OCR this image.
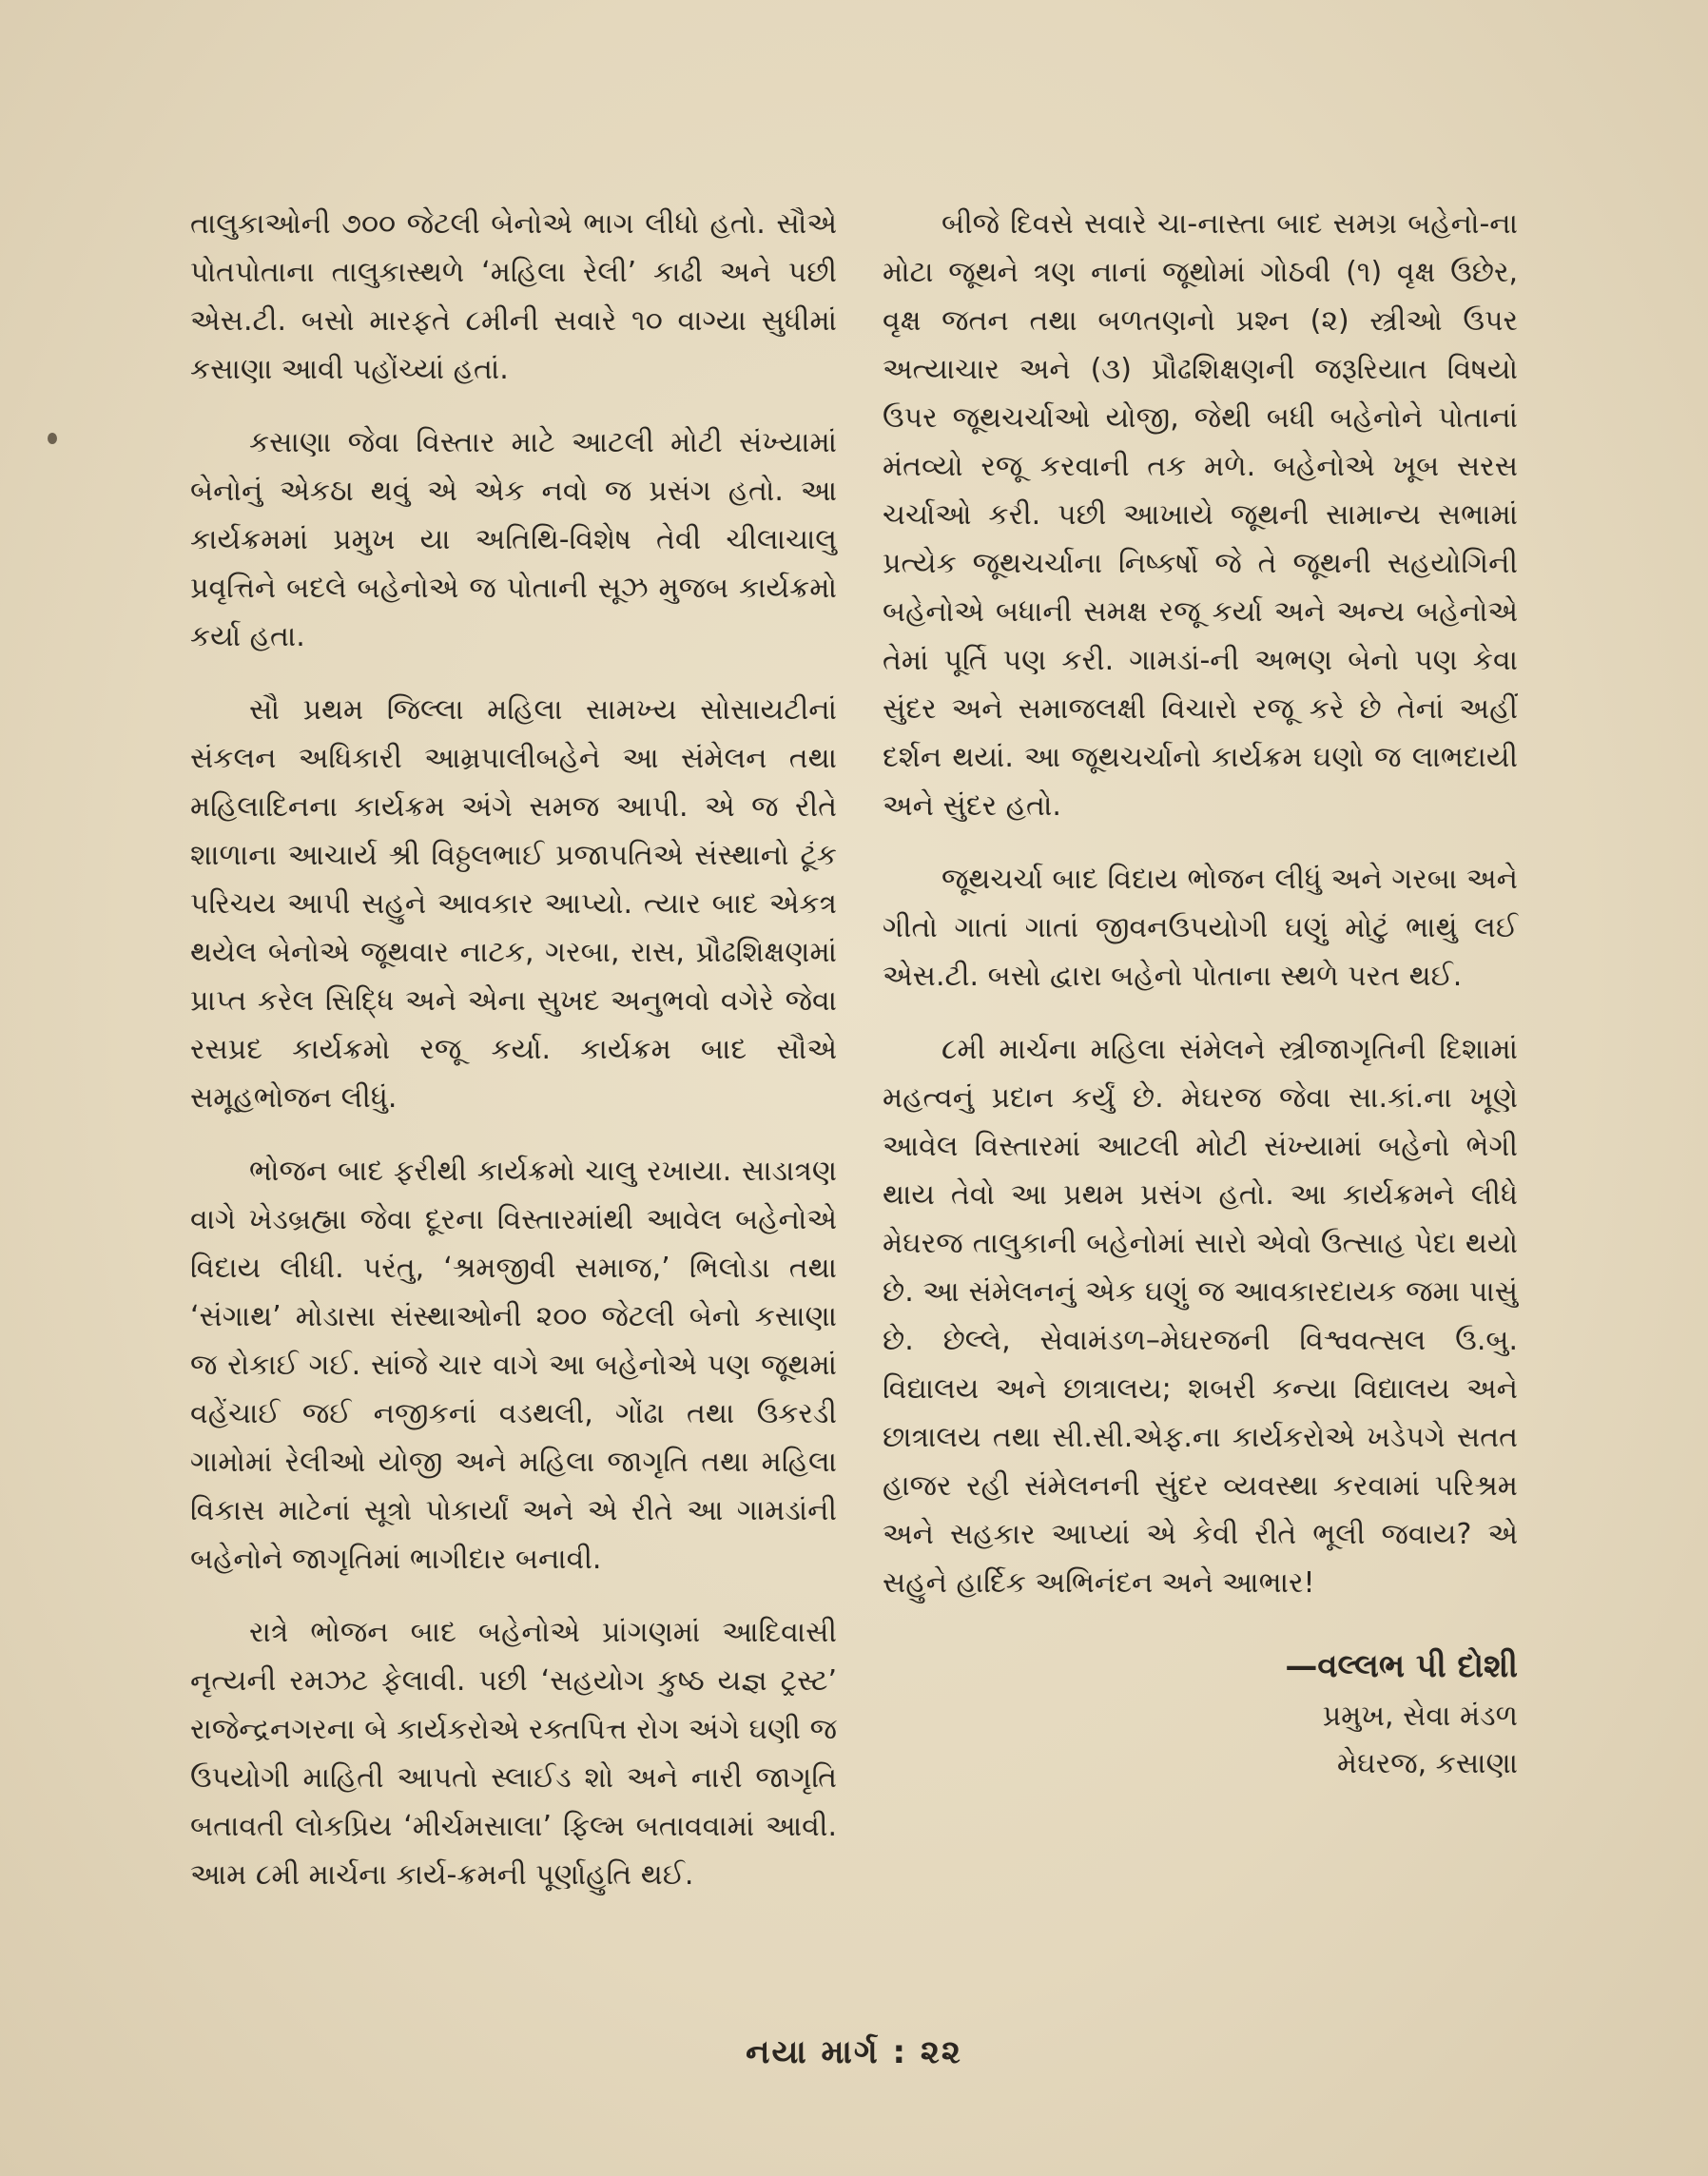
તાલુકાઓની ૭૦૦ જેટલી બેનોએ ભાગ લીધો હતો. સૌએ પોતપોતાના તાલુકાસ્થળે ‘મહિલા રેલી’ કાઢી અને પછી એસ.ટી. બસો મારફતે ૮મીની સવારે ૧૦ વાગ્યા સુધીમાં કસાણા આવી પહોંચ્યાં હતાં.

કસાણા જેવા વિસ્તાર માટે આટલી મોટી સંખ્યામાં બેનોનું એકઠા થવું એ એક નવો જ પ્રસંગ હતો. આ કાર્યક્રમમાં પ્રમુખ યા અતિથિ-વિશેષ તેવી ચીલાચાલુ પ્રવૃત્તિને બદલે બહેનોએ જ પોતાની સૂઝ મુજબ કાર્યક્રમો કર્યા હતા.

સૌ પ્રથમ જિલ્લા મહિલા સામખ્ય સોસાયટીનાં સંકલન અધિકારી આમ્રપાલીબહેને આ સંમેલન તથા મહિલાદિનના કાર્યક્રમ અંગે સમજ આપી. એ જ રીતે શાળાના આચાર્ય શ્રી વિઠ્ઠલભાઈ પ્રજાપતિએ સંસ્થાનો ટૂંક પરિચય આપી સહુને આવકાર આપ્યો. ત્યાર બાદ એકત્ર થયેલ બેનોએ જૂથવાર નાટક, ગરબા, રાસ, પ્રૌઢશિક્ષણમાં પ્રાપ્ત કરેલ સિદ્ધિ અને એના સુખદ અનુભવો વગેરે જેવા રસપ્રદ કાર્યક્રમો રજૂ કર્યા. કાર્યક્રમ બાદ સૌએ સમૂહભોજન લીધું.

ભોજન બાદ ફરીથી કાર્યક્રમો ચાલુ રખાયા. સાડાત્રણ વાગે ખેડબ્રહ્મા જેવા દૂરના વિસ્તારમાંથી આવેલ બહેનોએ વિદાય લીધી. પરંતુ, ‘શ્રમજીવી સમાજ,’ ભિલોડા તથા ‘સંગાથ’ મોડાસા સંસ્થાઓની ૨૦૦ જેટલી બેનો કસાણા જ રોકાઈ ગઈ. સાંજે ચાર વાગે આ બહેનોએ પણ જૂથમાં વહેંચાઈ જઈ નજીકનાં વડથલી, ગોંઢા તથા ઉકરડી ગામોમાં રેલીઓ યોજી અને મહિલા જાગૃતિ તથા મહિલા વિકાસ માટેનાં સૂત્રો પોકાર્યાં અને એ રીતે આ ગામડાંની બહેનોને જાગૃતિમાં ભાગીદાર બનાવી.

રાત્રે ભોજન બાદ બહેનોએ પ્રાંગણમાં આદિવાસી નૃત્યની રમઝટ ફેલાવી. પછી ‘સહયોગ કુષ્ઠ યજ્ઞ ટ્રસ્ટ’ રાજેન્દ્રનગરના બે કાર્યકરોએ રક્તપિત્ત રોગ અંગે ઘણી જ ઉપયોગી માહિતી આપતો સ્લાઈડ શો અને નારી જાગૃતિ બતાવતી લોકપ્રિય ‘મીર્ચમસાલા’ ફિલ્મ બતાવવામાં આવી. આમ ૮મી માર્ચના કાર્ય-ક્રમની પૂર્ણાહુતિ થઈ.

બીજે દિવસે સવારે ચા-નાસ્તા બાદ સમગ્ર બહેનો-ના મોટા જૂથને ત્રણ નાનાં જૂથોમાં ગોઠવી (૧) વૃક્ષ ઉછેર, વૃક્ષ જતન તથા બળતણનો પ્રશ્ન (૨) સ્ત્રીઓ ઉપર અત્યાચાર અને (૩) પ્રૌઢશિક્ષણની જરૂરિયાત વિષયો ઉપર જૂથચર્ચાઓ યોજી, જેથી બધી બહેનોને પોતાનાં મંતવ્યો રજૂ કરવાની તક મળે. બહેનોએ ખૂબ સરસ ચર્ચાઓ કરી. પછી આખાયે જૂથની સામાન્ય સભામાં પ્રત્યેક જૂથચર્ચાના નિષ્કર્ષો જે તે જૂથની સહયોગિની બહેનોએ બધાની સમક્ષ રજૂ કર્યા અને અન્ય બહેનોએ તેમાં પૂર્તિ પણ કરી. ગામડાં-ની અભણ બેનો પણ કેવા સુંદર અને સમાજલક્ષી વિચારો રજૂ કરે છે તેનાં અહીં દર્શન થયાં. આ જૂથચર્ચાનો કાર્યક્રમ ઘણો જ લાભદાયી અને સુંદર હતો.

જૂથચર્ચા બાદ વિદાય ભોજન લીધું અને ગરબા અને ગીતો ગાતાં ગાતાં જીવનઉપયોગી ઘણું મોટું ભાથું લઈ એસ.ટી. બસો દ્વારા બહેનો પોતાના સ્થળે પરત થઈ.

૮મી માર્ચના મહિલા સંમેલને સ્ત્રીજાગૃતિની દિશામાં મહત્વનું પ્રદાન કર્યું છે. મેઘરજ જેવા સા.કાં.ના ખૂણે આવેલ વિસ્તારમાં આટલી મોટી સંખ્યામાં બહેનો ભેગી થાય તેવો આ પ્રથમ પ્રસંગ હતો. આ કાર્યક્રમને લીધે મેઘરજ તાલુકાની બહેનોમાં સારો એવો ઉત્સાહ પેદા થયો છે. આ સંમેલનનું એક ઘણું જ આવકારદાયક જમા પાસું છે. છેલ્લે, સેવામંડળ–મેઘરજની વિશ્વવત્સલ ઉ.બુ. વિદ્યાલય અને છાત્રાલય; શબરી કન્યા વિદ્યાલય અને છાત્રાલય તથા સી.સી.એફ.ના કાર્યકરોએ ખડેપગે સતત હાજર રહી સંમેલનની સુંદર વ્યવસ્થા કરવામાં પરિશ્રમ અને સહકાર આપ્યાં એ કેવી રીતે ભૂલી જવાય? એ સહુને હાર્દિક અભિનંદન અને આભાર!

—વલ્લભ પી દોશી
પ્રમુખ, સેવા મંડળ
મેઘરજ, કસાણા
નયા માર્ગ : ૨૨
